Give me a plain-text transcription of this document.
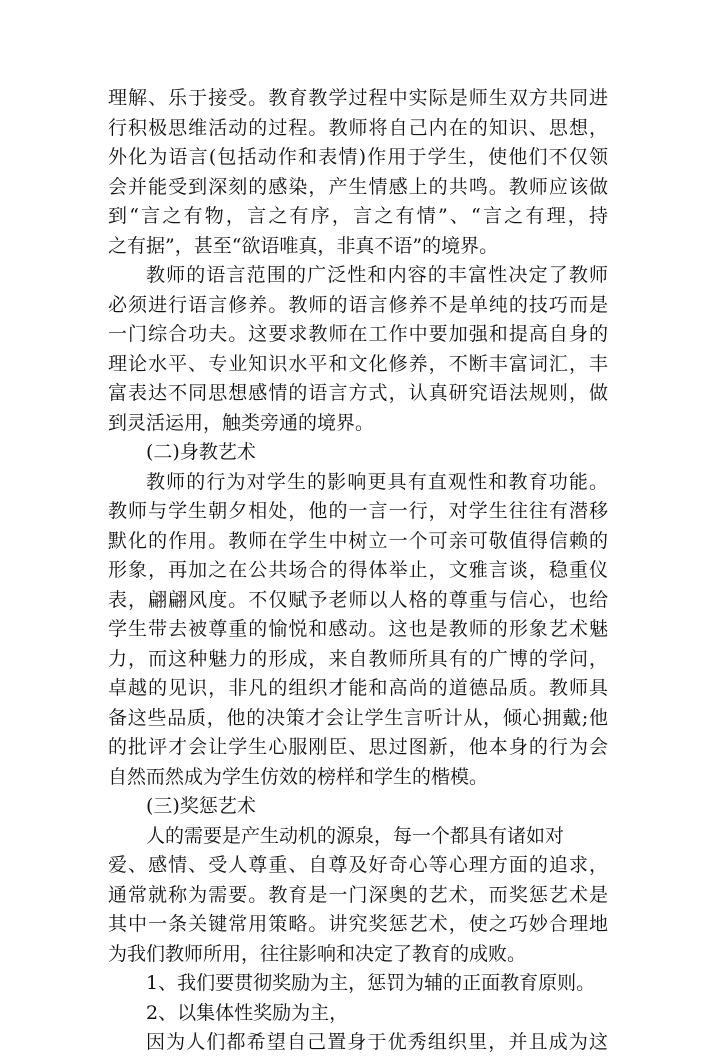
理解、乐于接受。教育教学过程中实际是师生双方共同进
行积极思维活动的过程。教师将自己内在的知识、思想，
外化为语言(包括动作和表情)作用于学生，使他们不仅领
会并能受到深刻的感染，产生情感上的共鸣。教师应该做
到“言之有物，言之有序，言之有情”、“言之有理，持
之有据”，甚至“欲语唯真，非真不语”的境界。
教师的语言范围的广泛性和内容的丰富性决定了教师
必须进行语言修养。教师的语言修养不是单纯的技巧而是
一门综合功夫。这要求教师在工作中要加强和提高自身的
理论水平、专业知识水平和文化修养，不断丰富词汇，丰
富表达不同思想感情的语言方式，认真研究语法规则，做
到灵活运用，触类旁通的境界。
(二)身教艺术
教师的行为对学生的影响更具有直观性和教育功能。
教师与学生朝夕相处，他的一言一行，对学生往往有潜移
默化的作用。教师在学生中树立一个可亲可敬值得信赖的
形象，再加之在公共场合的得体举止，文雅言谈，稳重仪
表，翩翩风度。不仅赋予老师以人格的尊重与信心，也给
学生带去被尊重的愉悦和感动。这也是教师的形象艺术魅
力，而这种魅力的形成，来自教师所具有的广博的学问，
卓越的见识，非凡的组织才能和高尚的道德品质。教师具
备这些品质，他的决策才会让学生言听计从，倾心拥戴;他
的批评才会让学生心服刚臣、思过图新，他本身的行为会
自然而然成为学生仿效的榜样和学生的楷模。
(三)奖惩艺术
人的需要是产生动机的源泉，每一个都具有诸如对
爱、感情、受人尊重、自尊及好奇心等心理方面的追求，
通常就称为需要。教育是一门深奥的艺术，而奖惩艺术是
其中一条关键常用策略。讲究奖惩艺术，使之巧妙合理地
为我们教师所用，往往影响和决定了教育的成败。
1、我们要贯彻奖励为主，惩罚为辅的正面教育原则。
2、以集体性奖励为主，
因为人们都希望自己置身于优秀组织里，并且成为这
